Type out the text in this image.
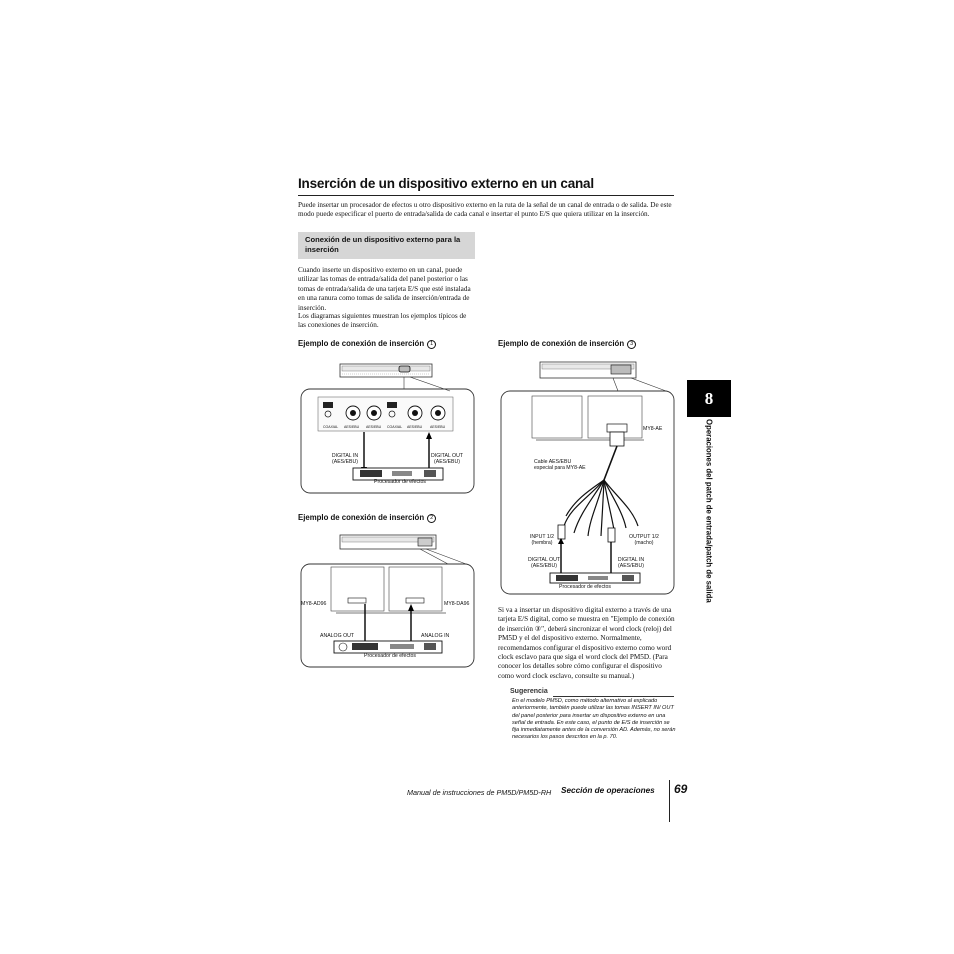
Inserción de un dispositivo externo en un canal
Puede insertar un procesador de efectos u otro dispositivo externo en la ruta de la señal de un canal de entrada o de salida. De este modo puede especificar el puerto de entrada/salida de cada canal e insertar el punto E/S que quiera utilizar en la inserción.
Conexión de un dispositivo externo para la inserción
Cuando inserte un dispositivo externo en un canal, puede utilizar las tomas de entrada/salida del panel posterior o las tomas de entrada/salida de una tarjeta E/S que esté instalada en una ranura como tomas de salida de inserción/entrada de inserción.
Los diagramas siguientes muestran los ejemplos típicos de las conexiones de inserción.
Ejemplo de conexión de inserción 1
COAXIAL AES/EBU AES/EBU COAXIAL AES/EBU AES/EBU
DIGITAL IN
(AES/EBU)
DIGITAL OUT
(AES/EBU)
Procesador de efectos
Ejemplo de conexión de inserción 2
MY8-AD96	MY8-DA96
ANALOG OUT	ANALOG IN
Procesador de efectos
Ejemplo de conexión de inserción 3
MY8-AE
Cable AES/EBU
especial para MY8-AE
INPUT 1/2
(hembra)
OUTPUT 1/2
(macho)
DIGITAL OUT
(AES/EBU)
DIGITAL IN
(AES/EBU)
Procesador de efectos
Si va a insertar un dispositivo digital externo a través de una tarjeta E/S digital, como se muestra en "Ejemplo de conexión de inserción ③", deberá sincronizar el word clock (reloj) del PM5D y el del dispositivo externo. Normalmente, recomendamos configurar el dispositivo externo como word clock esclavo para que siga el word clock del PM5D. (Para conocer los detalles sobre cómo configurar el dispositivo como word clock esclavo, consulte su manual.)
Sugerencia
En el modelo PM5D, como método alternativo al explicado anteriormente, también puede utilizar las tomas INSERT IN/ OUT del panel posterior para insertar un dispositivo externo en una señal de entrada. En este caso, el punto de E/S de inserción se fija inmediatamente antes de la conversión AD. Además, no serán necesarios los pasos descritos en la p. 70.
Manual de instrucciones de PM5D/PM5D-RH Sección de operaciones 69
8
Operaciones del patch de entrada/patch de salida
